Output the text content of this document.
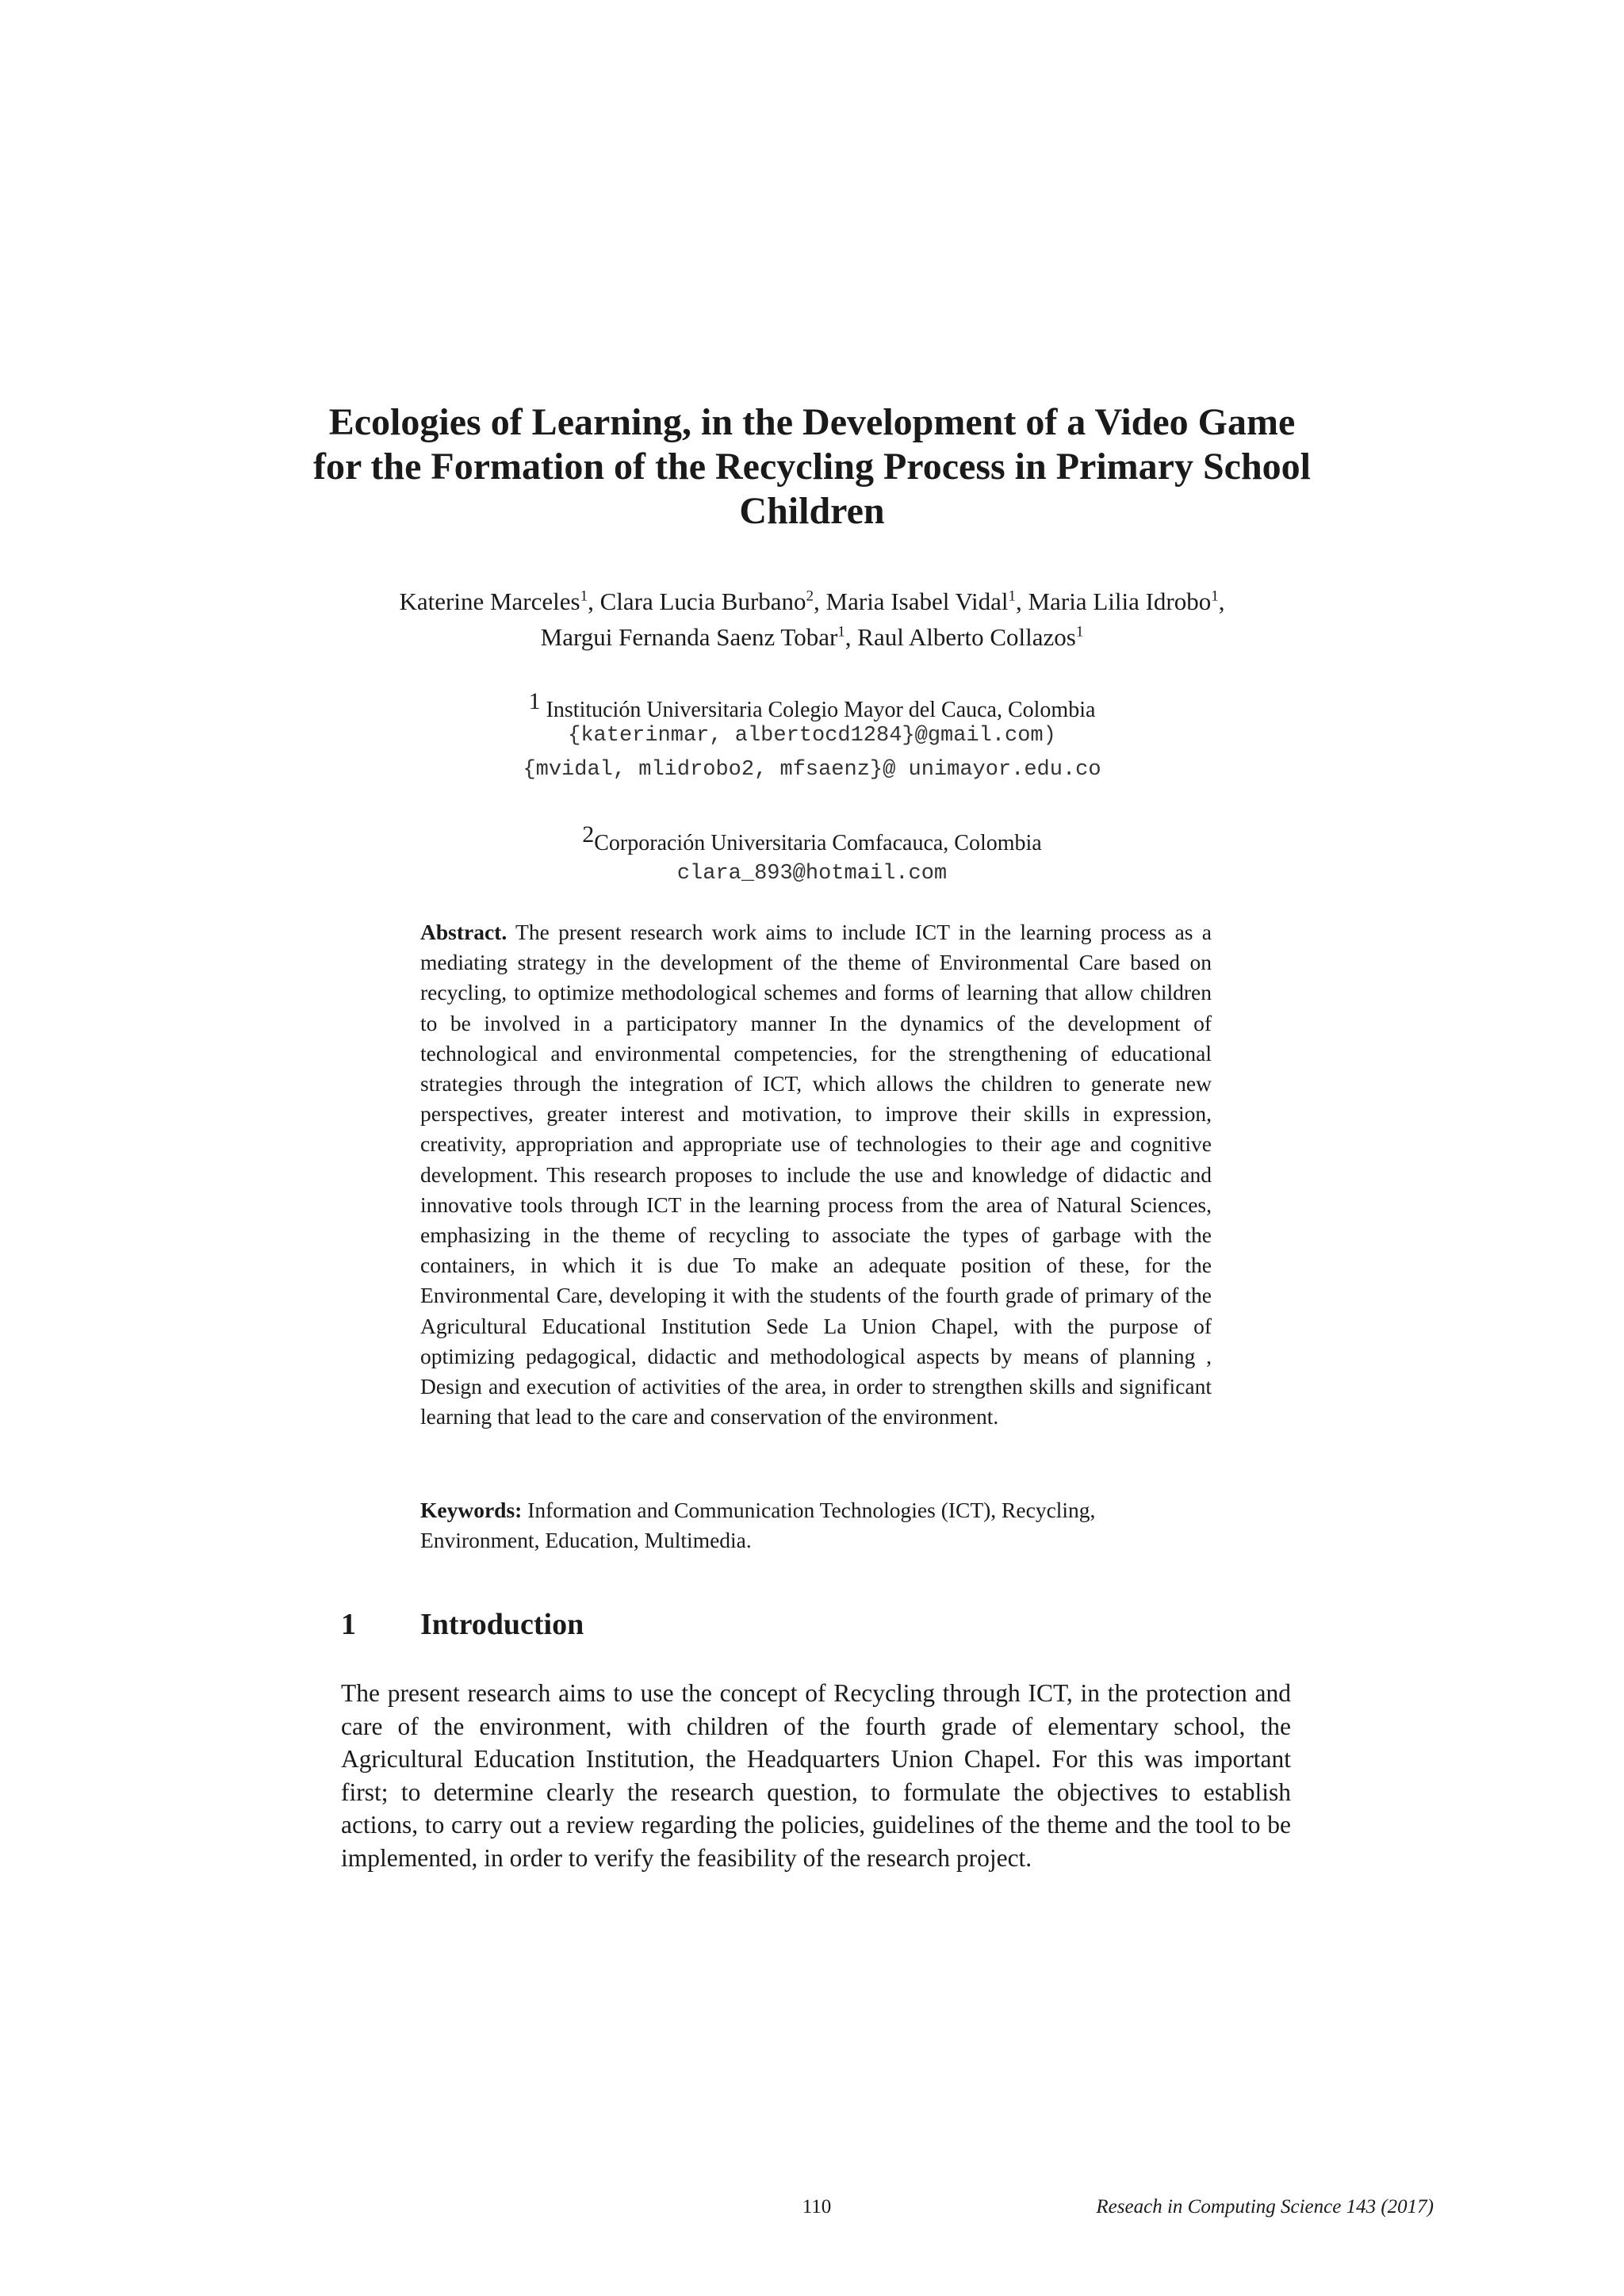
Ecologies of Learning, in the Development of a Video Game for the Formation of the Recycling Process in Primary School Children
Katerine Marceles$^1$, Clara Lucia Burbano$^2$, Maria Isabel Vidal$^1$, Maria Lilia Idrobo$^1$,
Margui Fernanda Saenz Tobar$^1$, Raul Alberto Collazos$^1$
1 Institución Universitaria Colegio Mayor del Cauca, Colombia
{katerinmar, albertocd1284}@gmail.com)
{mvidal, mlidrobo2, mfsaenz}@ unimayor.edu.co
2Corporación Universitaria Comfacauca, Colombia
clara_893@hotmail.com
Abstract. The present research work aims to include ICT in the learning process as a mediating strategy in the development of the theme of Environmental Care based on recycling, to optimize methodological schemes and forms of learning that allow children to be involved in a participatory manner In the dynamics of the development of technological and environmental competencies, for the strengthening of educational strategies through the integration of ICT, which allows the children to generate new perspectives, greater interest and motivation, to improve their skills in expression, creativity, appropriation and appropriate use of technologies to their age and cognitive development. This research proposes to include the use and knowledge of didactic and innovative tools through ICT in the learning process from the area of Natural Sciences, emphasizing in the theme of recycling to associate the types of garbage with the containers, in which it is due To make an adequate position of these, for the Environmental Care, developing it with the students of the fourth grade of primary of the Agricultural Educational Institution Sede La Union Chapel, with the purpose of optimizing pedagogical, didactic and methodological aspects by means of planning , Design and execution of activities of the area, in order to strengthen skills and significant learning that lead to the care and conservation of the environment.
Keywords: Information and Communication Technologies (ICT), Recycling, Environment, Education, Multimedia.
1 Introduction
The present research aims to use the concept of Recycling through ICT, in the protection and care of the environment, with children of the fourth grade of elementary school, the Agricultural Education Institution, the Headquarters Union Chapel. For this was important first; to determine clearly the research question, to formulate the objectives to establish actions, to carry out a review regarding the policies, guidelines of the theme and the tool to be implemented, in order to verify the feasibility of the research project.
110	Reseach in Computing Science 143 (2017)
